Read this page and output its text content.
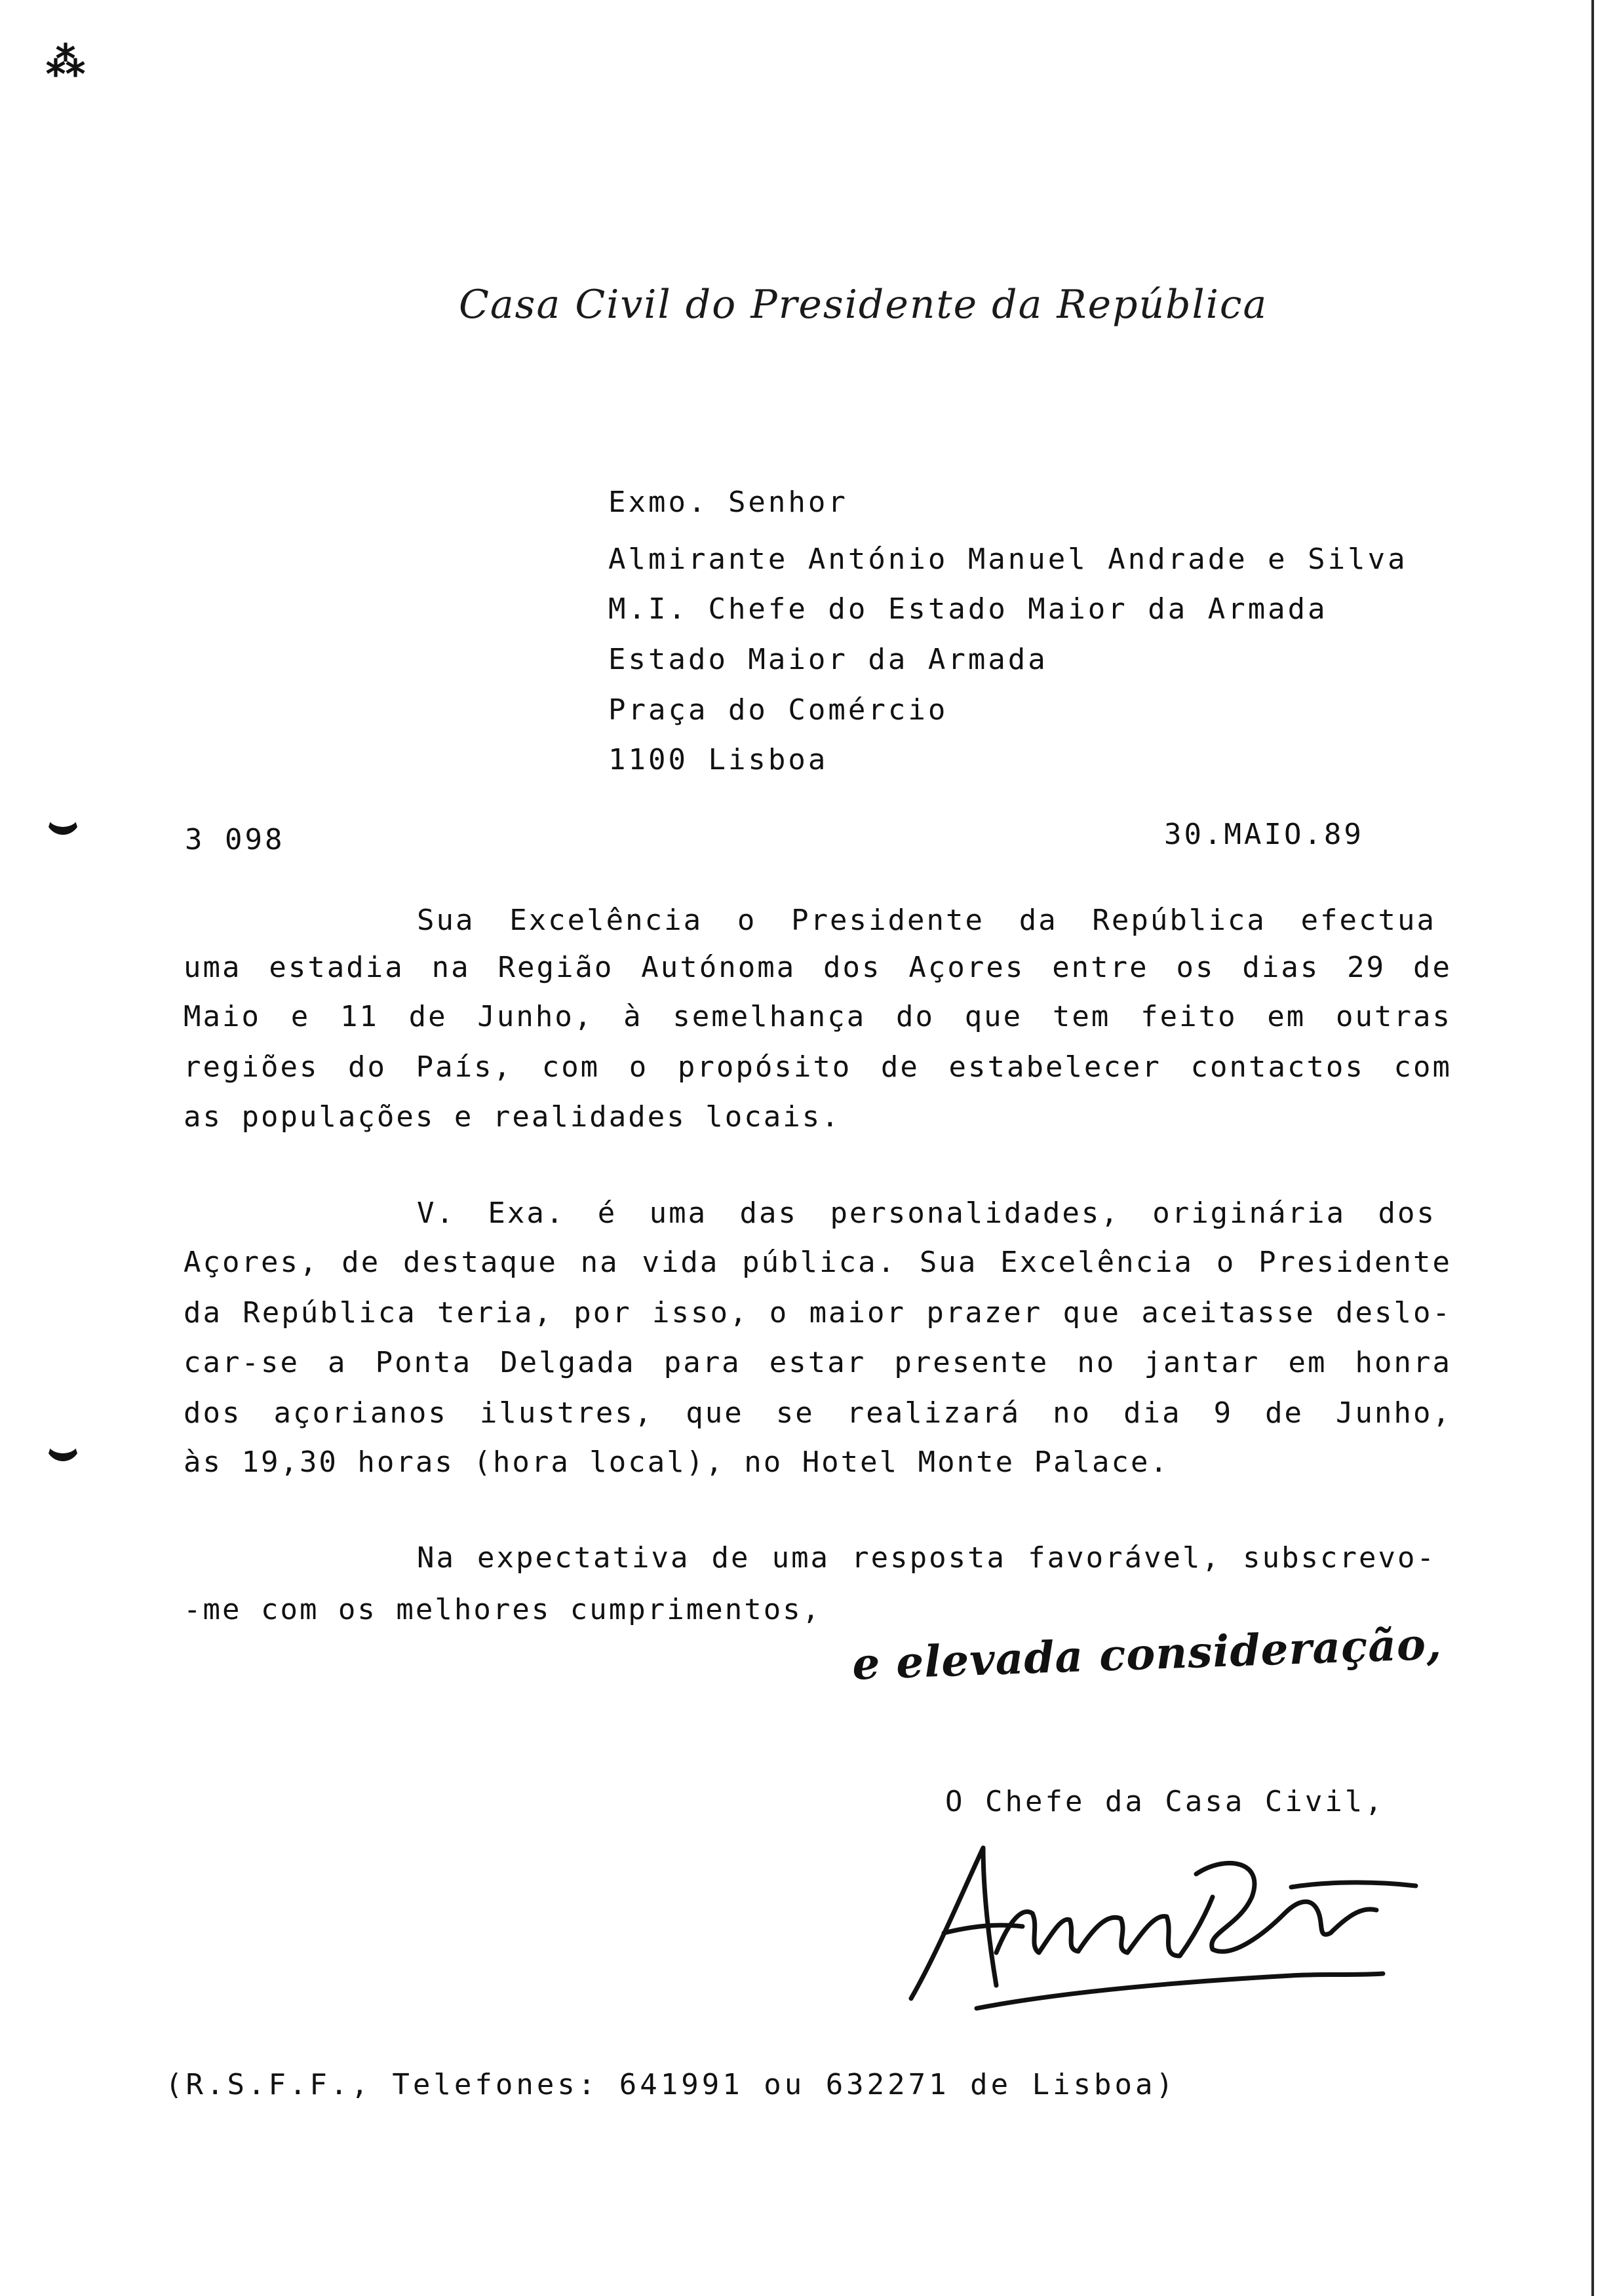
⁂
Casa Civil do Presidente da República
Exmo. Senhor
Almirante António Manuel Andrade e Silva
M.I. Chefe do Estado Maior da Armada
Estado Maior da Armada
Praça do Comércio
1100 Lisboa
3 098	30.MAIO.89
Sua Excelência o Presidente da República efectua
uma estadia na Região Autónoma dos Açores entre os dias 29 de
Maio e 11 de Junho, à semelhança do que tem feito em outras
regiões do País, com o propósito de estabelecer contactos com
as populações e realidades locais.
V. Exa. é uma das personalidades, originária dos
Açores, de destaque na vida pública. Sua Excelência o Presidente
da República teria, por isso, o maior prazer que aceitasse deslo-
car-se a Ponta Delgada para estar presente no jantar em honra
dos açorianos ilustres, que se realizará no dia 9 de Junho,
às 19,30 horas (hora local), no Hotel Monte Palace.
Na expectativa de uma resposta favorável, subscrevo-
-me com os melhores cumprimentos,
e elevada consideração,
O Chefe da Casa Civil,
(R.S.F.F., Telefones: 641991 ou 632271 de Lisboa)
